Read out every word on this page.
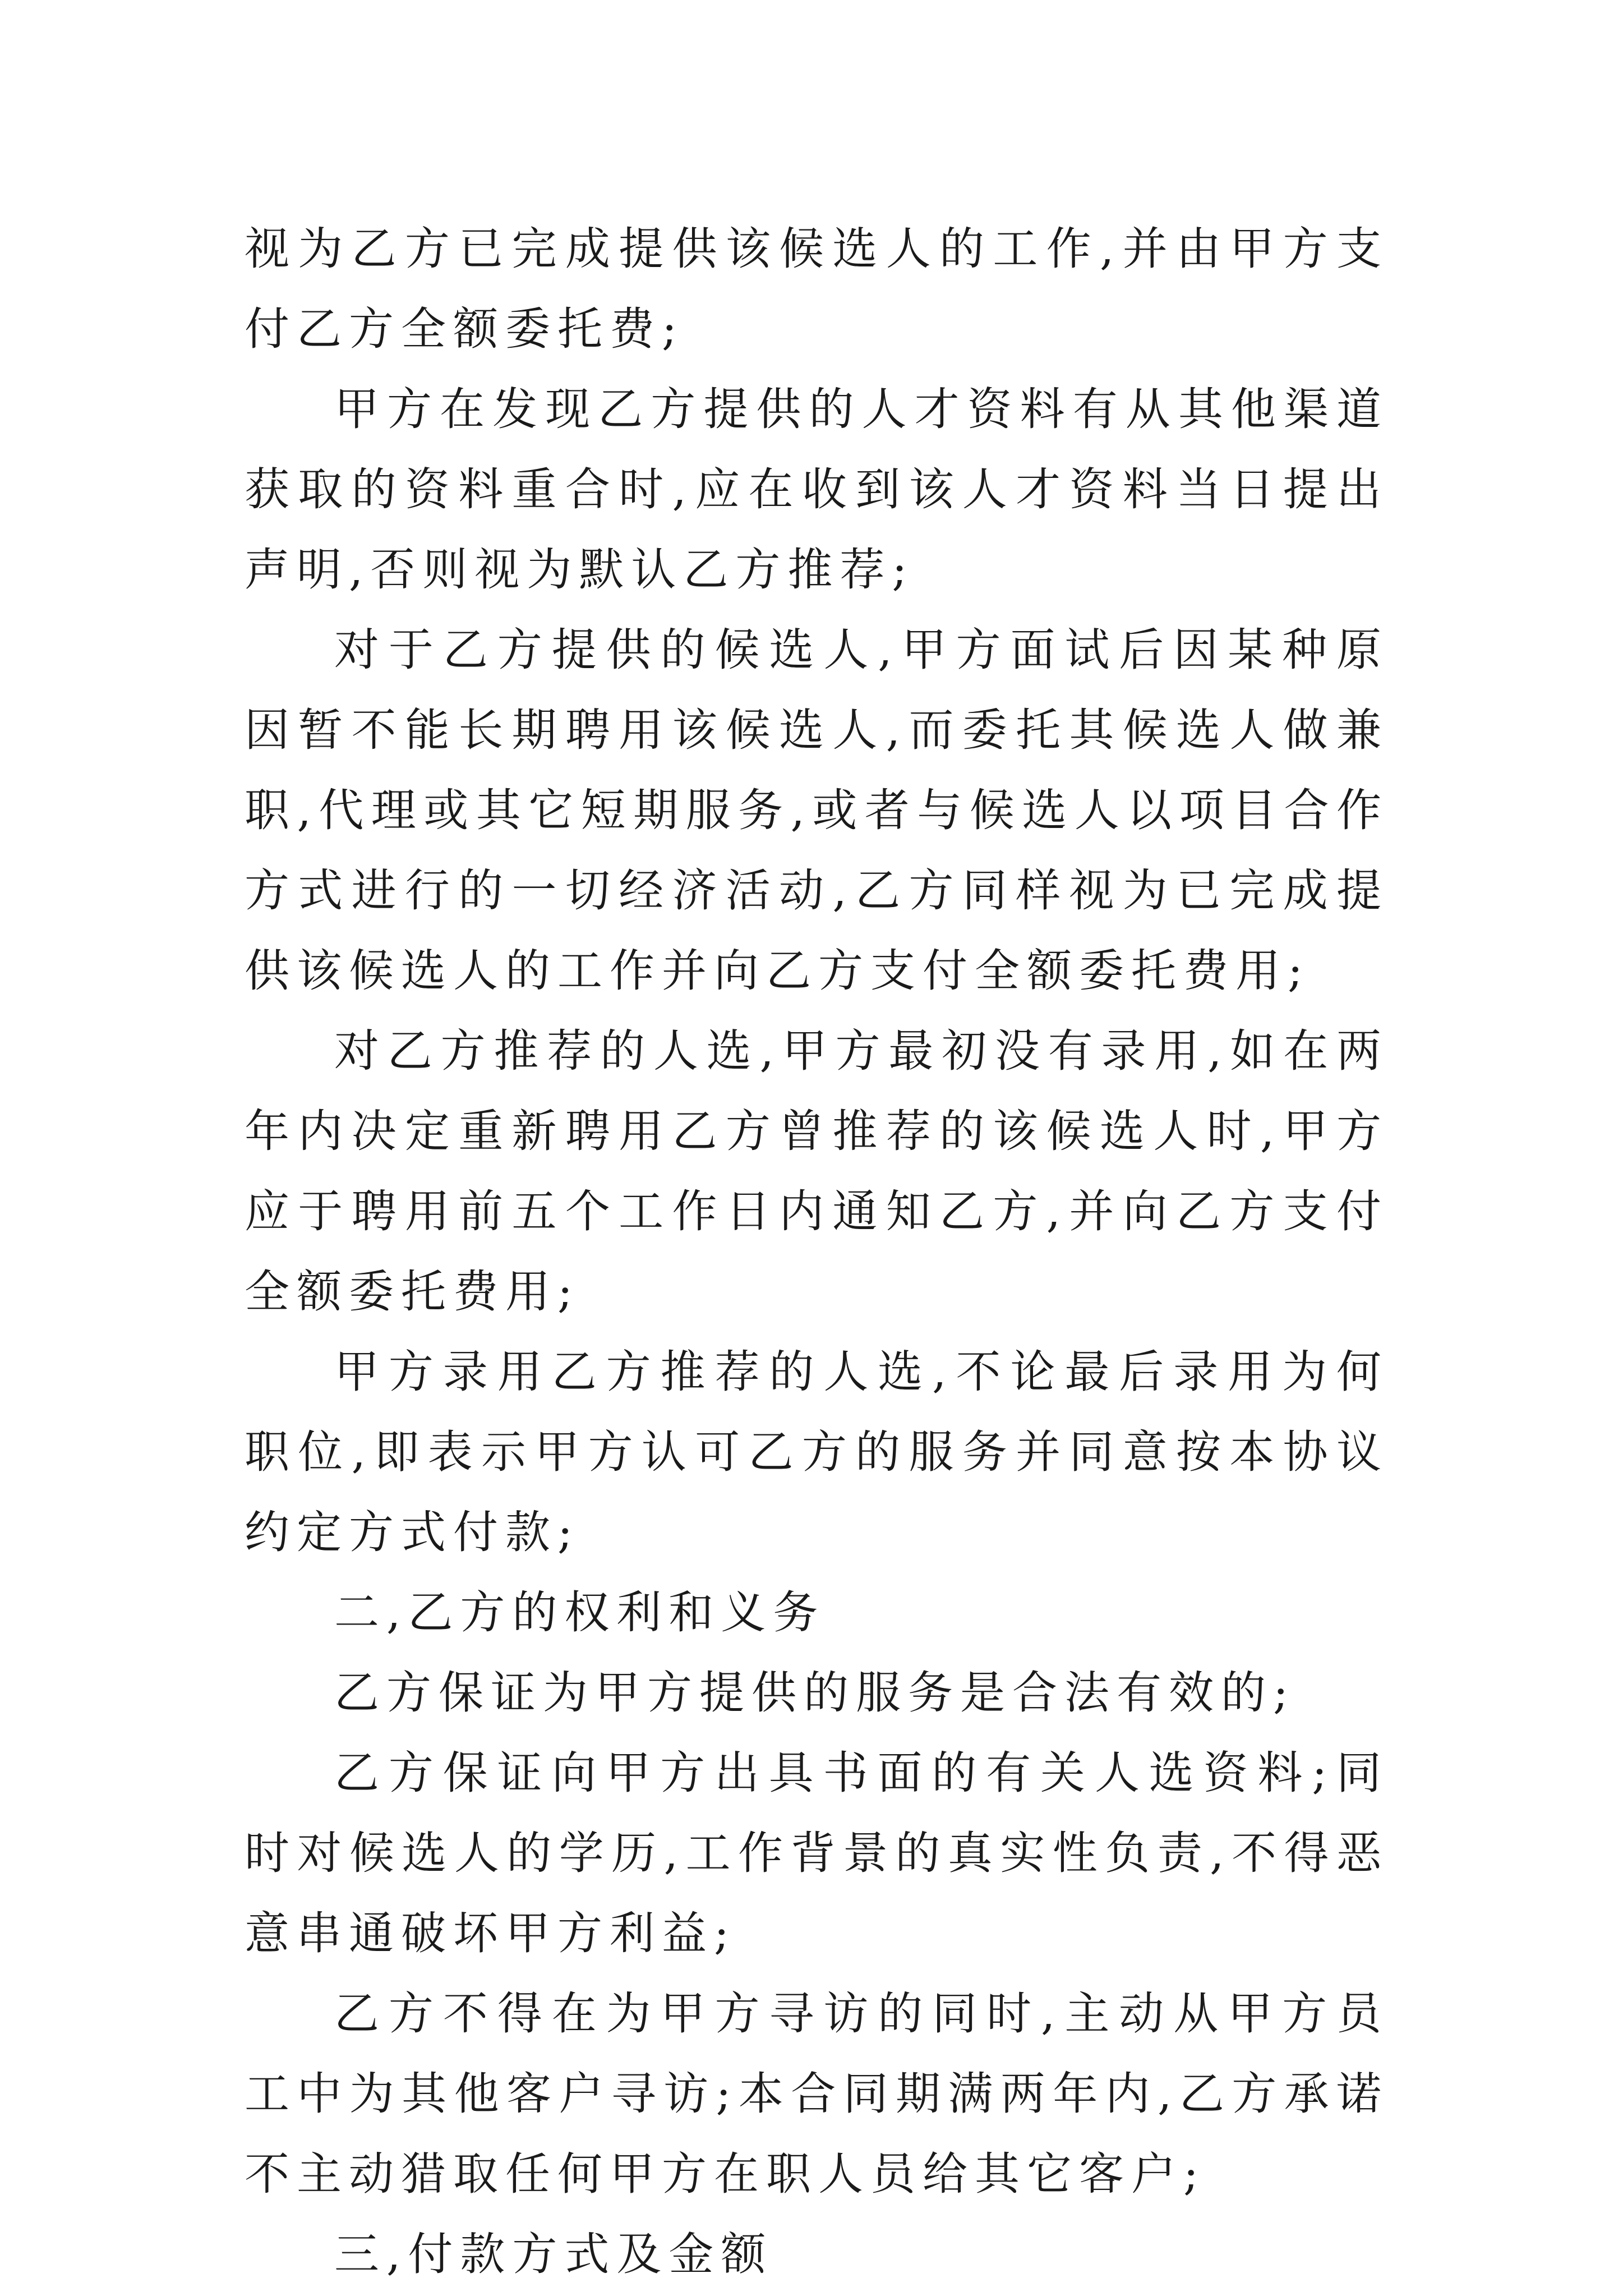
视为乙方已完成提供该候选人的工作,并由甲方支付乙方全额委托费;

甲方在发现乙方提供的人才资料有从其他渠道获取的资料重合时,应在收到该人才资料当日提出声明,否则视为默认乙方推荐;

对于乙方提供的候选人,甲方面试后因某种原因暂不能长期聘用该候选人,而委托其候选人做兼职,代理或其它短期服务,或者与候选人以项目合作方式进行的一切经济活动,乙方同样视为已完成提供该候选人的工作并向乙方支付全额委托费用;

对乙方推荐的人选,甲方最初没有录用,如在两年内决定重新聘用乙方曾推荐的该候选人时,甲方应于聘用前五个工作日内通知乙方,并向乙方支付全额委托费用;

甲方录用乙方推荐的人选,不论最后录用为何职位,即表示甲方认可乙方的服务并同意按本协议约定方式付款;

二,乙方的权利和义务

乙方保证为甲方提供的服务是合法有效的;

乙方保证向甲方出具书面的有关人选资料;同时对候选人的学历,工作背景的真实性负责,不得恶意串通破坏甲方利益;

乙方不得在为甲方寻访的同时,主动从甲方员工中为其他客户寻访;本合同期满两年内,乙方承诺不主动猎取任何甲方在职人员给其它客户;

三,付款方式及金额
